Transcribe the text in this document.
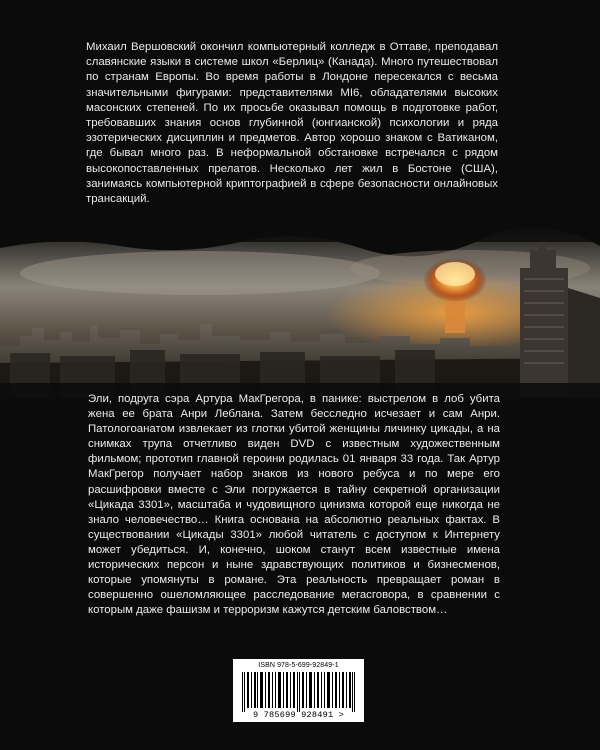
Михаил Вершовский окончил компьютерный колледж в Оттаве, преподавал славянские языки в системе школ «Берлиц» (Канада). Много путешествовал по странам Европы. Во время работы в Лондоне пересекался с весьма значительными фигурами: представителями MI6, обладателями высоких масонских степеней. По их просьбе оказывал помощь в подготовке работ, требовавших знания основ глубинной (юнгианской) психологии и ряда эзотерических дисциплин и предметов. Автор хорошо знаком с Ватиканом, где бывал много раз. В неформальной обстановке встречался с рядом высокопоставленных прелатов. Несколько лет жил в Бостоне (США), занимаясь компьютерной криптографией в сфере безопасности онлайновых трансакций.
Эли, подруга сэра Артура МакГрегора, в панике: выстрелом в лоб убита жена ее брата Анри Леблана. Затем бесследно исчезает и сам Анри. Патологоанатом извлекает из глотки убитой женщины личинку цикады, а на снимках трупа отчетливо виден DVD с известным художественным фильмом; прототип главной героини родилась 01 января 33 года. Так Артур МакГрегор получает набор знаков из нового ребуса и по мере его расшифровки вместе с Эли погружается в тайну секретной организации «Цикада 3301», масштаба и чудовищного цинизма которой еще никогда не знало человечество… Книга основана на абсолютно реальных фактах. В существовании «Цикады 3301» любой читатель с доступом к Интернету может убедиться. И, конечно, шоком станут всем известные имена исторических персон и ныне здравствующих политиков и бизнесменов, которые упомянуты в романе. Эта реальность превращает роман в совершенно ошеломляющее расследование мегасговора, в сравнении с которым даже фашизм и терроризм кажутся детским баловством…
ISBN 978-5-699-92849-1
9 785699 928491 >
